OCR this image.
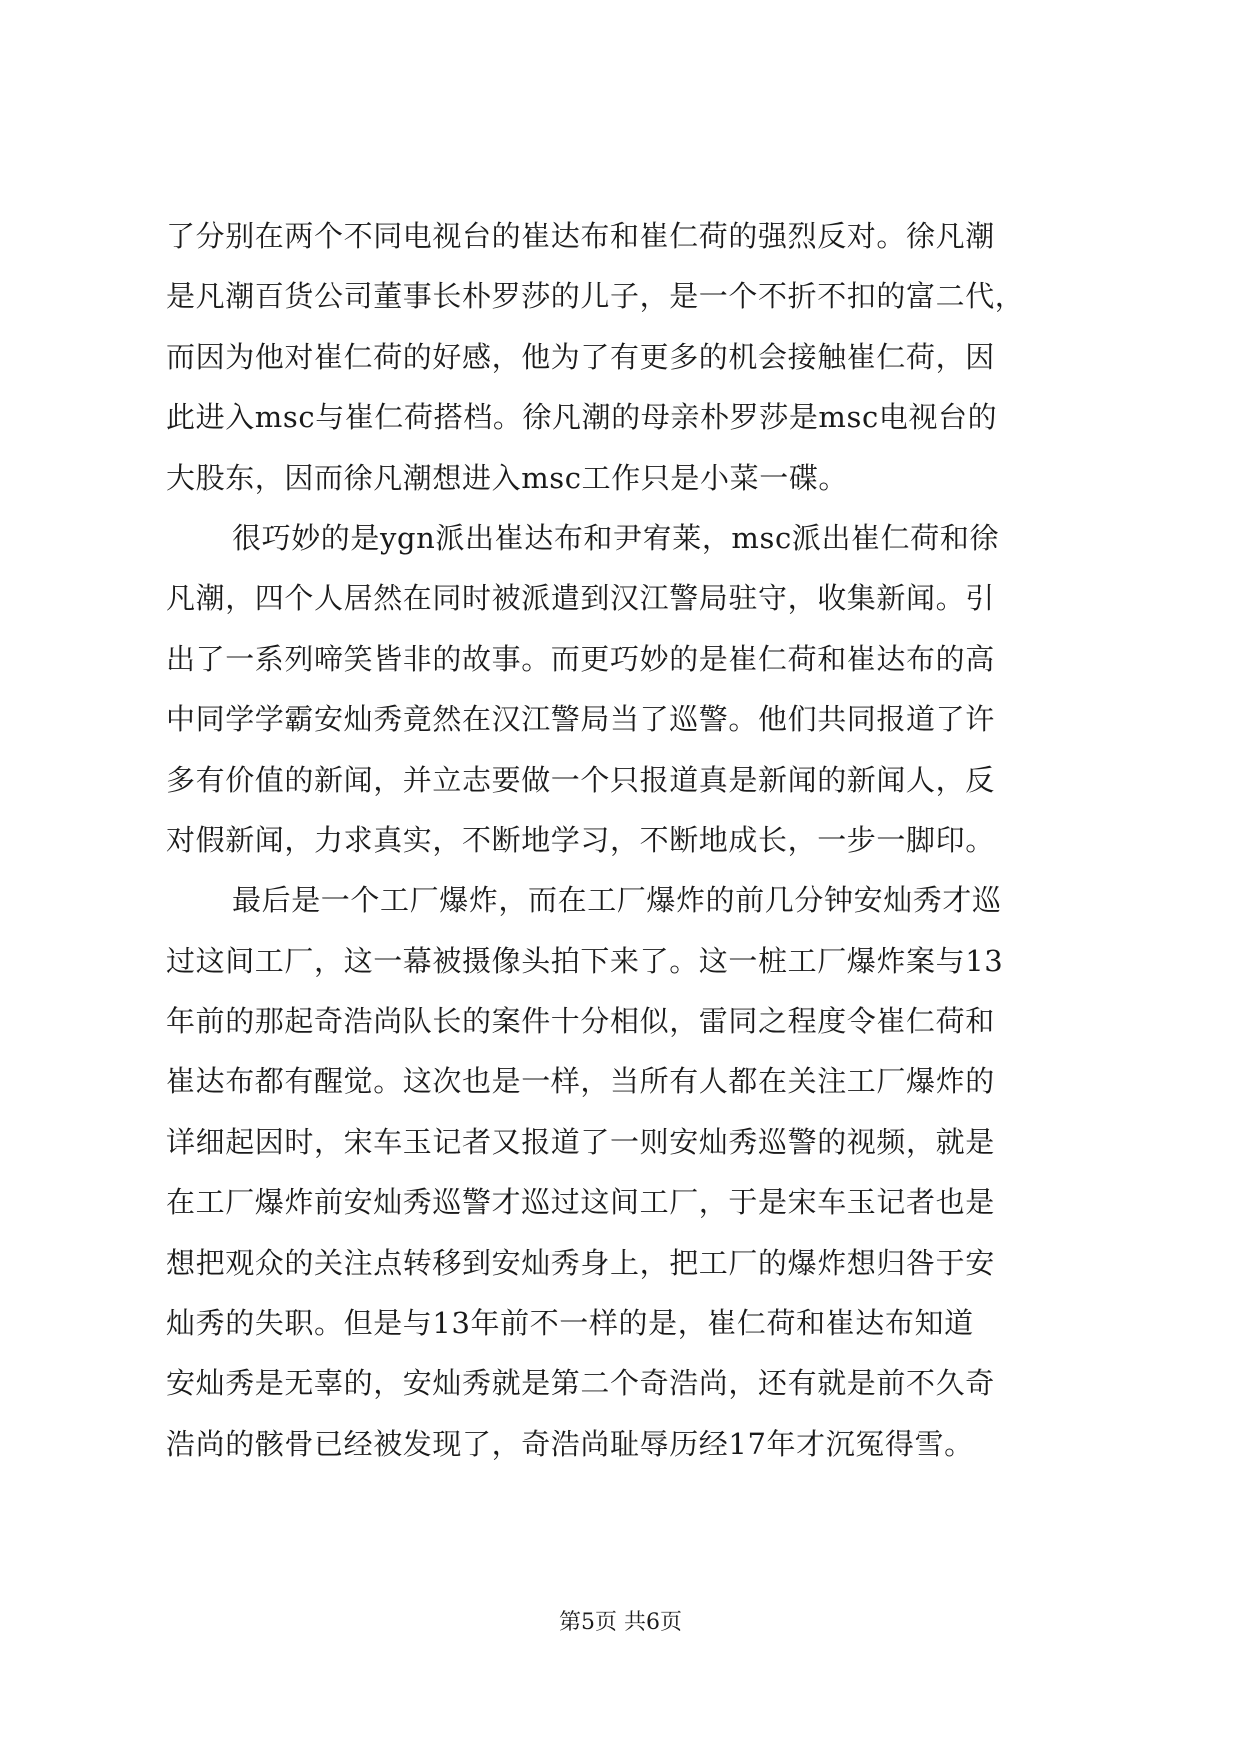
了分别在两个不同电视台的崔达布和崔仁荷的强烈反对。徐凡潮
是凡潮百货公司董事长朴罗莎的儿子，是一个不折不扣的富二代，
而因为他对崔仁荷的好感，他为了有更多的机会接触崔仁荷，因
此进入msc与崔仁荷搭档。徐凡潮的母亲朴罗莎是msc电视台的
大股东，因而徐凡潮想进入msc工作只是小菜一碟。
很巧妙的是ygn派出崔达布和尹宥莱，msc派出崔仁荷和徐
凡潮，四个人居然在同时被派遣到汉江警局驻守，收集新闻。引
出了一系列啼笑皆非的故事。而更巧妙的是崔仁荷和崔达布的高
中同学学霸安灿秀竟然在汉江警局当了巡警。他们共同报道了许
多有价值的新闻，并立志要做一个只报道真是新闻的新闻人，反
对假新闻，力求真实，不断地学习，不断地成长，一步一脚印。
最后是一个工厂爆炸，而在工厂爆炸的前几分钟安灿秀才巡
过这间工厂，这一幕被摄像头拍下来了。这一桩工厂爆炸案与13
年前的那起奇浩尚队长的案件十分相似，雷同之程度令崔仁荷和
崔达布都有醒觉。这次也是一样，当所有人都在关注工厂爆炸的
详细起因时，宋车玉记者又报道了一则安灿秀巡警的视频，就是
在工厂爆炸前安灿秀巡警才巡过这间工厂，于是宋车玉记者也是
想把观众的关注点转移到安灿秀身上，把工厂的爆炸想归咎于安
灿秀的失职。但是与13年前不一样的是，崔仁荷和崔达布知道
安灿秀是无辜的，安灿秀就是第二个奇浩尚，还有就是前不久奇
浩尚的骸骨已经被发现了，奇浩尚耻辱历经17年才沉冤得雪。
第5页 共6页
